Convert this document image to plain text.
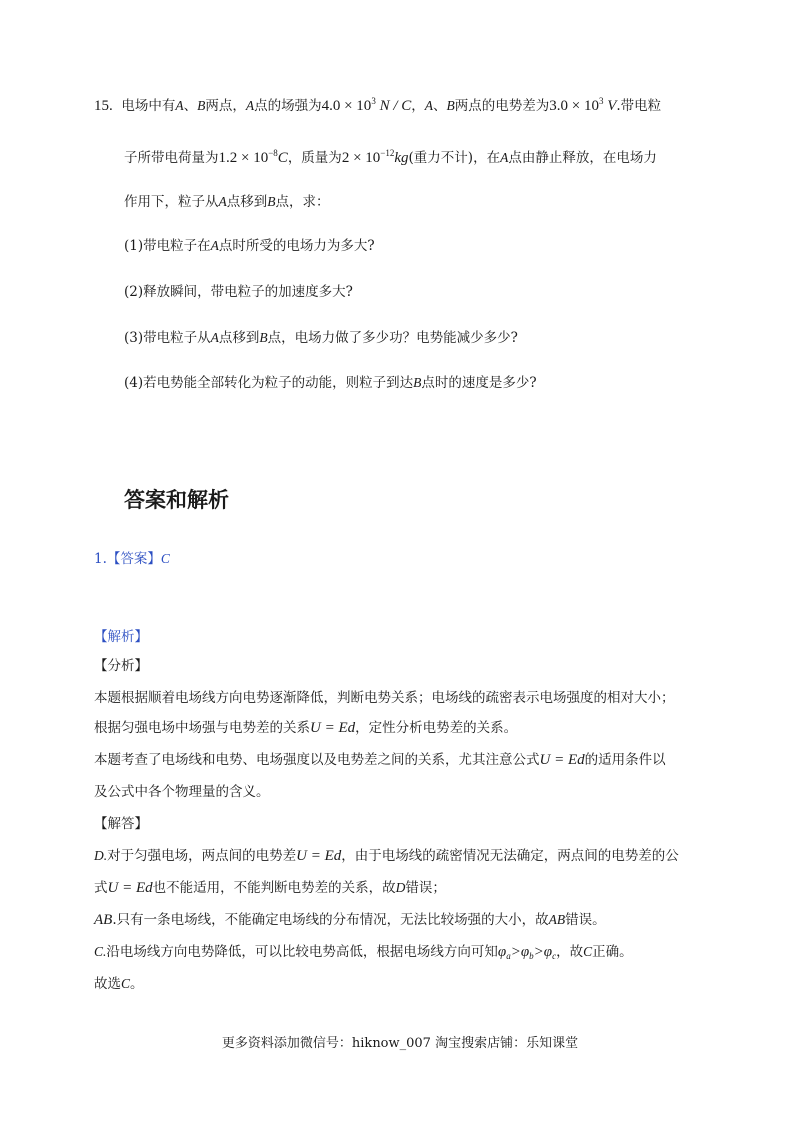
15. 电场中有A、B两点，A点的场强为$4.0 \times 10^3$ N / C，A、B两点的电势差为$3.0 \times 10^3$ V.带电粒
子所带电荷量为$1.2 \times 10^{-8}C$，质量为$2 \times 10^{-12}kg$(重力不计)，在A点由静止释放，在电场力
作用下，粒子从A点移到B点，求：
(1)带电粒子在A点时所受的电场力为多大?
(2)释放瞬间，带电粒子的加速度多大?
(3)带电粒子从A点移到B点，电场力做了多少功？电势能减少多少?
(4)若电势能全部转化为粒子的动能，则粒子到达B点时的速度是多少?
答案和解析
1.【答案】C
【解析】
【分析】
本题根据顺着电场线方向电势逐渐降低，判断电势关系；电场线的疏密表示电场强度的相对大小；
根据匀强电场中场强与电势差的关系U = Ed，定性分析电势差的关系。
本题考查了电场线和电势、电场强度以及电势差之间的关系，尤其注意公式U = Ed的适用条件以
及公式中各个物理量的含义。
【解答】
D.对于匀强电场，两点间的电势差U = Ed，由于电场线的疏密情况无法确定，两点间的电势差的公
式U = Ed也不能适用，不能判断电势差的关系，故D错误；
AB.只有一条电场线，不能确定电场线的分布情况，无法比较场强的大小，故AB错误。
C.沿电场线方向电势降低，可以比较电势高低，根据电场线方向可知$\varphi_a>\varphi_b>\varphi_c$，故C正确。
故选C。
更多资料添加微信号：hiknow_007 淘宝搜索店铺：乐知课堂
